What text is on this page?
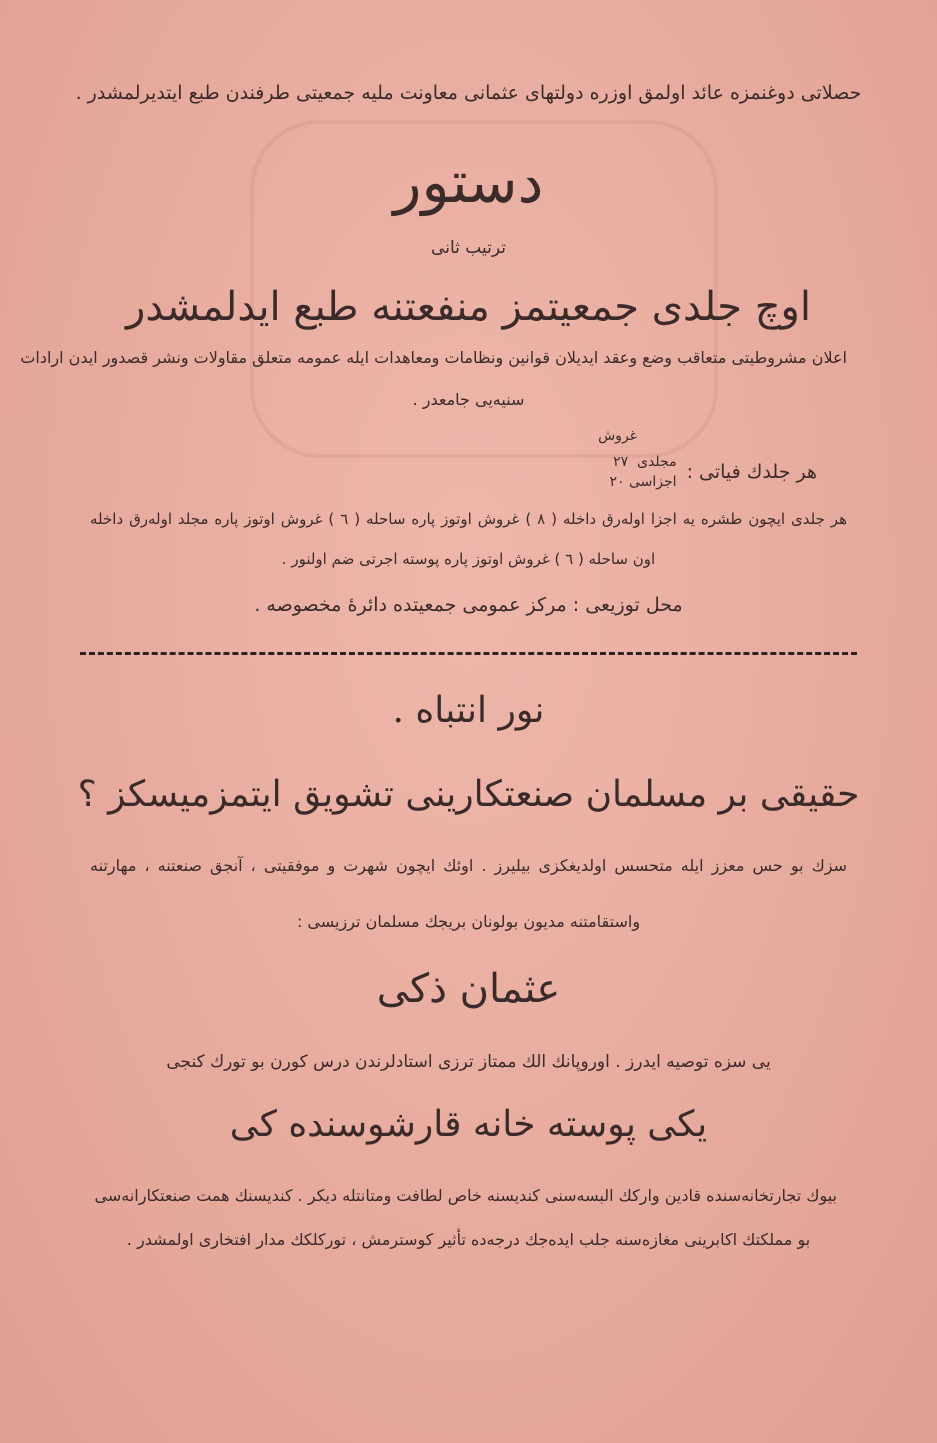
حصلاتی دوغنمزه عائد اولمق اوزره دولتهای عثمانی معاونت ملیه جمعیتی طرفندن طبع ایتدیرلمشدر .
دستور
ترتیب ثانی
اوچ جلدی جمعیتمز منفعتنه طبع ایدلمشدر
اعلان مشروطیتی متعاقب وضع وعقد ایدیلان قوانین ونظامات ومعاهدات ایله عمومه متعلق مقاولات ونشر قصدور ایدن ارادات
سنیه‌یی جامعدر .
غروش
هر جلدك فیاتی :
مجلدی  ٢٧
اجزاسی ٢٠
هر جلدی ایچون طشره یه اجزا اوله‌رق داخله ( ٨ ) غروش اوتوز پاره ساحله ( ٦ ) غروش اوتوز پاره مجلد اوله‌رق داخله
اون ساحله ( ٦ ) غروش اوتوز پاره پوسته اجرتی ضم اولنور .
محل توزیعی : مرکز عمومی جمعیتده دائرهٔ مخصوصه .
نور انتباه .
حقیقی بر مسلمان صنعتکارینی تشویق ایتمزمیسکز ؟
سزك بو حس معزز ایله متحسس اولدیغکزی بیلیرز . اوئك ایچون شهرت و موفقیتی ، آنجق صنعتنه ، مهارتنه
واستقامتنه مدیون بولونان بریجك مسلمان ترزیسی :
عثمان ذکی
یی سزه توصیه ایدرز . اوروپانك الك ممتاز ترزی استادلرندن درس کورن بو تورك کنجی
یکی پوسته خانه قارشوسنده کی
بیوك تجارتخانه‌سنده قادین وارکك البسه‌سنی کندیسنه خاص لطافت ومتانتله دیکر . کندیسنك همت صنعتکارانه‌سی
بو مملکتك اکابرینی مغازه‌سنه جلب ایده‌جك درجه‌ده تأثیر کوسترمش ، تورکلکك مدار افتخاری اولمشدر .
